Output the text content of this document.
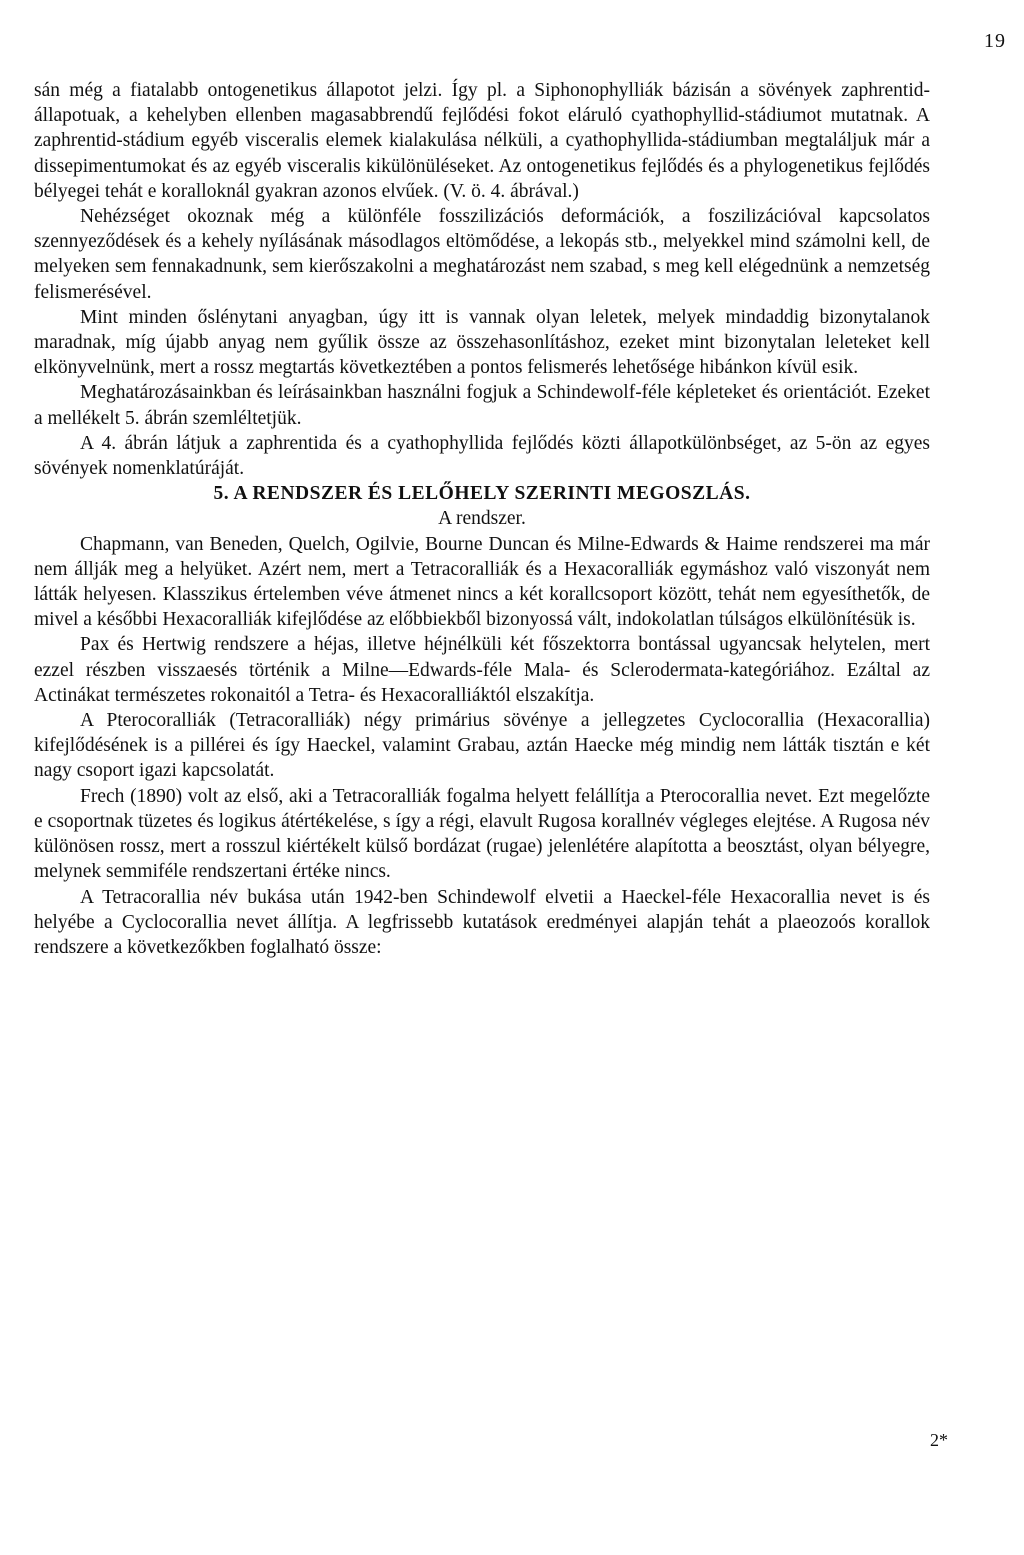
19

sán még a fiatalabb ontogenetikus állapotot jelzi. Így pl. a Siphonophylliák bázisán a sövények zaphrentid-állapotuak, a kehelyben ellenben magasabbrendű fejlődési fokot eláruló cyathophyllid-stádiumot mutatnak. A zaphrentid-stádium egyéb visceralis elemek kialakulása nélküli, a cyathophyllida-stádiumban megtaláljuk már a dissepimentumokat és az egyéb visceralis kikülönüléseket. Az ontogenetikus fejlődés és a phylogenetikus fejlődés bélyegei tehát e koralloknál gyakran azonos elvűek. (V. ö. 4. ábrával.)

Nehézséget okoznak még a különféle fosszilizációs deformációk, a foszilizációval kapcsolatos szennyeződések és a kehely nyílásának másodlagos eltömődése, a lekopás stb., melyekkel mind számolni kell, de melyeken sem fennakadnunk, sem kierőszakolni a meghatározást nem szabad, s meg kell elégednünk a nemzetség felismerésével.

Mint minden őslénytani anyagban, úgy itt is vannak olyan leletek, melyek mindaddig bizonytalanok maradnak, míg újabb anyag nem gyűlik össze az összehasonlításhoz, ezeket mint bizonytalan leleteket kell elkönyvelnünk, mert a rossz megtartás következtében a pontos felismerés lehetősége hibánkon kívül esik.

Meghatározásainkban és leírásainkban használni fogjuk a Schindewolf-féle képleteket és orientációt. Ezeket a mellékelt 5. ábrán szemléltetjük.

A 4. ábrán látjuk a zaphrentida és a cyathophyllida fejlődés közti állapotkülönbséget, az 5-ön az egyes sövények nomenklatúráját.

5. A RENDSZER ÉS LELŐHELY SZERINTI MEGOSZLÁS.

A rendszer.

Chapmann, van Beneden, Quelch, Ogilvie, Bourne Duncan és Milne-Edwards & Haime rendszerei ma már nem állják meg a helyüket. Azért nem, mert a Tetracoralliák és a Hexacoralliák egymáshoz való viszonyát nem látták helyesen. Klasszikus értelemben véve átmenet nincs a két korallcsoport között, tehát nem egyesíthetők, de mivel a későbbi Hexacoralliák kifejlődése az előbbiekből bizonyossá vált, indokolatlan túlságos elkülönítésük is.

Pax és Hertwig rendszere a héjas, illetve héjnélküli két főszektorra bontással ugyancsak helytelen, mert ezzel részben visszaesés történik a Milne—Edwards-féle Mala- és Sclerodermata-kategóriához. Ezáltal az Actinákat természetes rokonaitól a Tetra- és Hexacoralliáktól elszakítja.

A Pterocoralliák (Tetracoralliák) négy primárius sövénye a jellegzetes Cyclocorallia (Hexacorallia) kifejlődésének is a pillérei és így Haeckel, valamint Grabau, aztán Haecke még mindig nem látták tisztán e két nagy csoport igazi kapcsolatát.

Frech (1890) volt az első, aki a Tetracoralliák fogalma helyett felállítja a Pterocorallia nevet. Ezt megelőzte e csoportnak tüzetes és logikus átértékelése, s így a régi, elavult Rugosa korallnév végleges elejtése. A Rugosa név különösen rossz, mert a rosszul kiértékelt külső bordázat (rugae) jelenlétére alapította a beosztást, olyan bélyegre, melynek semmiféle rendszertani értéke nincs.

A Tetracorallia név bukása után 1942-ben Schindewolf elvetii a Haeckel-féle Hexacorallia nevet is és helyébe a Cyclocorallia nevet állítja. A legfrissebb kutatások eredményei alapján tehát a plaeozoós korallok rendszere a következőkben foglalható össze:

2*
